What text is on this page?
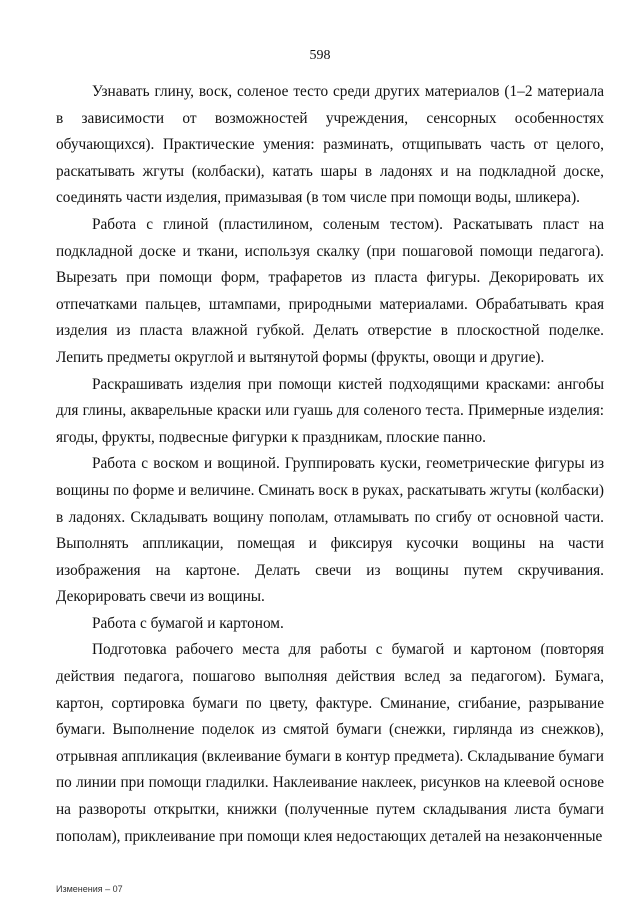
598

Узнавать глину, воск, соленое тесто среди других материалов (1–2 материала в зависимости от возможностей учреждения, сенсорных особенностях обучающихся). Практические умения: разминать, отщипывать часть от целого, раскатывать жгуты (колбаски), катать шары в ладонях и на подкладной доске, соединять части изделия, примазывая (в том числе при помощи воды, шликера).

Работа с глиной (пластилином, соленым тестом). Раскатывать пласт на подкладной доске и ткани, используя скалку (при пошаговой помощи педагога). Вырезать при помощи форм, трафаретов из пласта фигуры. Декорировать их отпечатками пальцев, штампами, природными материалами. Обрабатывать края изделия из пласта влажной губкой. Делать отверстие в плоскостной поделке. Лепить предметы округлой и вытянутой формы (фрукты, овощи и другие).

Раскрашивать изделия при помощи кистей подходящими красками: ангобы для глины, акварельные краски или гуашь для соленого теста. Примерные изделия: ягоды, фрукты, подвесные фигурки к праздникам, плоские панно.

Работа с воском и вощиной. Группировать куски, геометрические фигуры из вощины по форме и величине. Сминать воск в руках, раскатывать жгуты (колбаски) в ладонях. Складывать вощину пополам, отламывать по сгибу от основной части. Выполнять аппликации, помещая и фиксируя кусочки вощины на части изображения на картоне. Делать свечи из вощины путем скручивания. Декорировать свечи из вощины.

Работа с бумагой и картоном.

Подготовка рабочего места для работы с бумагой и картоном (повторяя действия педагога, пошагово выполняя действия вслед за педагогом). Бумага, картон, сортировка бумаги по цвету, фактуре. Сминание, сгибание, разрывание бумаги. Выполнение поделок из смятой бумаги (снежки, гирлянда из снежков), отрывная аппликация (вклеивание бумаги в контур предмета). Складывание бумаги по линии при помощи гладилки. Наклеивание наклеек, рисунков на клеевой основе на развороты открытки, книжки (полученные путем складывания листа бумаги пополам), приклеивание при помощи клея недостающих деталей на незаконченные

Изменения – 07
